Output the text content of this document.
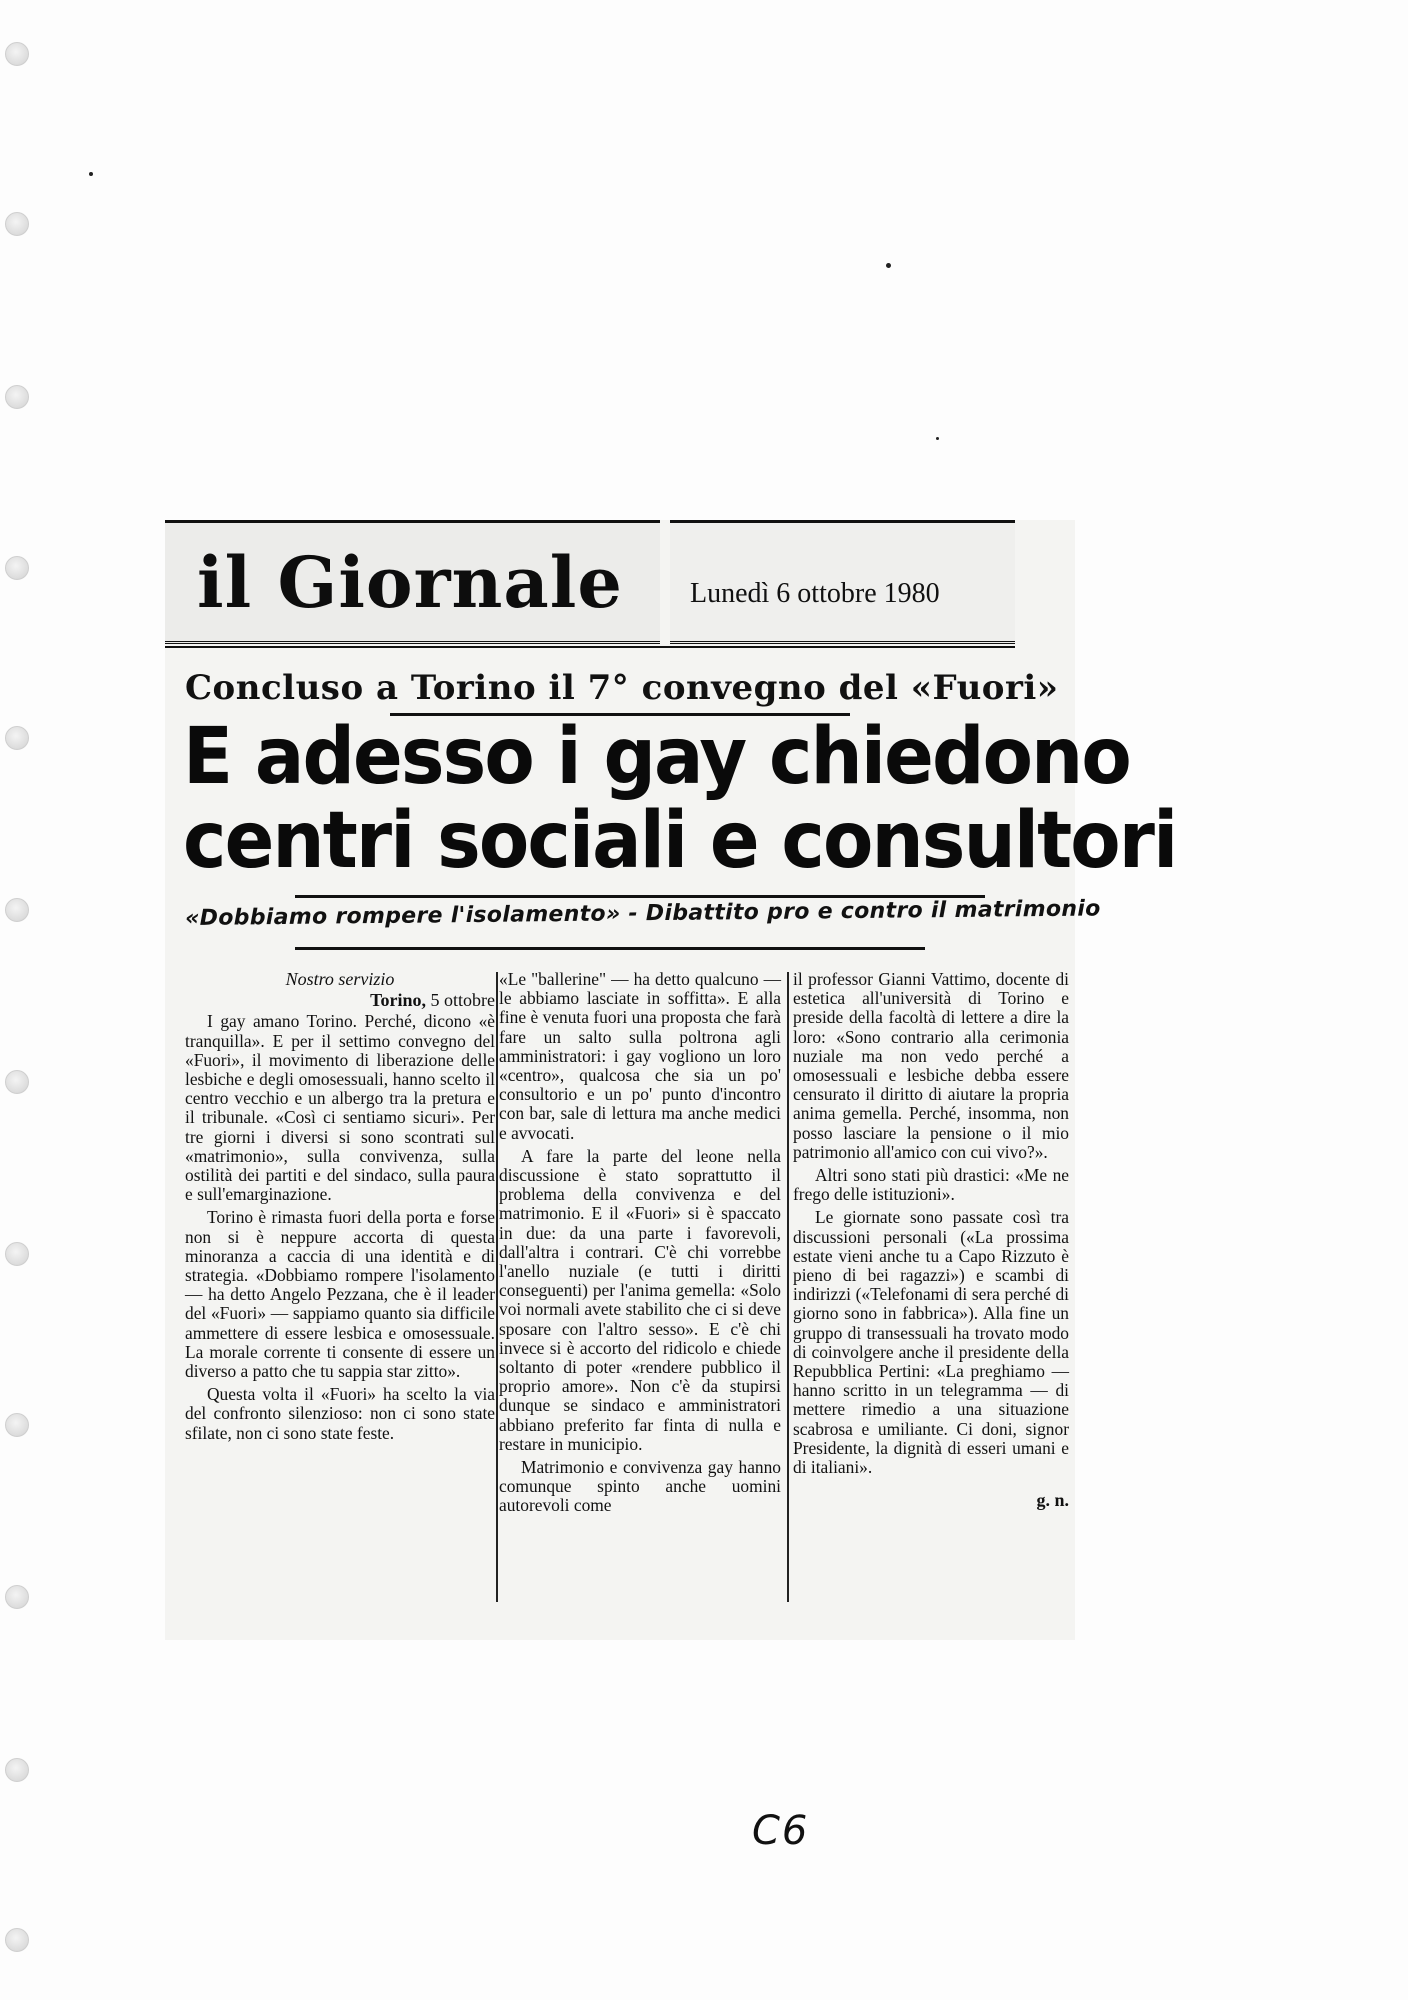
il Giornale Lunedì 6 ottobre 1980
Concluso a Torino il 7° convegno del «Fuori»
E adesso i gay chiedono
centri sociali e consultori
«Dobbiamo rompere l'isolamento» - Dibattito pro e contro il matrimonio
Nostro servizio
Torino, 5 ottobre

I gay amano Torino. Perché, dicono «è tranquilla». E per il settimo convegno del «Fuori», il movimento di liberazione delle lesbiche e degli omosessuali, hanno scelto il centro vecchio e un albergo tra la pretura e il tribunale. «Così ci sentiamo sicuri». Per tre giorni i diversi si sono scontrati sul «matrimonio», sulla convivenza, sulla ostilità dei partiti e del sindaco, sulla paura e sull'emarginazione.

Torino è rimasta fuori della porta e forse non si è neppure accorta di questa minoranza a caccia di una identità e di strategia. «Dobbiamo rompere l'isolamento — ha detto Angelo Pezzana, che è il leader del «Fuori» — sappiamo quanto sia difficile ammettere di essere lesbica e omosessuale. La morale corrente ti consente di essere un diverso a patto che tu sappia star zitto».

Questa volta il «Fuori» ha scelto la via del confronto silenzioso: non ci sono state sfilate, non ci sono state feste.

«Le "ballerine" — ha detto qualcuno — le abbiamo lasciate in soffitta». E alla fine è venuta fuori una proposta che farà fare un salto sulla poltrona agli amministratori: i gay vogliono un loro «centro», qualcosa che sia un po' consultorio e un po' punto d'incontro con bar, sale di lettura ma anche medici e avvocati.

A fare la parte del leone nella discussione è stato soprattutto il problema della convivenza e del matrimonio. E il «Fuori» si è spaccato in due: da una parte i favorevoli, dall'altra i contrari. C'è chi vorrebbe l'anello nuziale (e tutti i diritti conseguenti) per l'anima gemella: «Solo voi normali avete stabilito che ci si deve sposare con l'altro sesso». E c'è chi invece si è accorto del ridicolo e chiede soltanto di poter «rendere pubblico il proprio amore». Non c'è da stupirsi dunque se sindaco e amministratori abbiano preferito far finta di nulla e restare in municipio.

Matrimonio e convivenza gay hanno comunque spinto anche uomini autorevoli come

il professor Gianni Vattimo, docente di estetica all'università di Torino e preside della facoltà di lettere a dire la loro: «Sono contrario alla cerimonia nuziale ma non vedo perché a omosessuali e lesbiche debba essere censurato il diritto di aiutare la propria anima gemella. Perché, insomma, non posso lasciare la pensione o il mio patrimonio all'amico con cui vivo?».

Altri sono stati più drastici: «Me ne frego delle istituzioni».

Le giornate sono passate così tra discussioni personali («La prossima estate vieni anche tu a Capo Rizzuto è pieno di bei ragazzi») e scambi di indirizzi («Telefonami di sera perché di giorno sono in fabbrica»). Alla fine un gruppo di transessuali ha trovato modo di coinvolgere anche il presidente della Repubblica Pertini: «La preghiamo — hanno scritto in un telegramma — di mettere rimedio a una situazione scabrosa e umiliante. Ci doni, signor Presidente, la dignità di esseri umani e di italiani».

g. n.
C6
